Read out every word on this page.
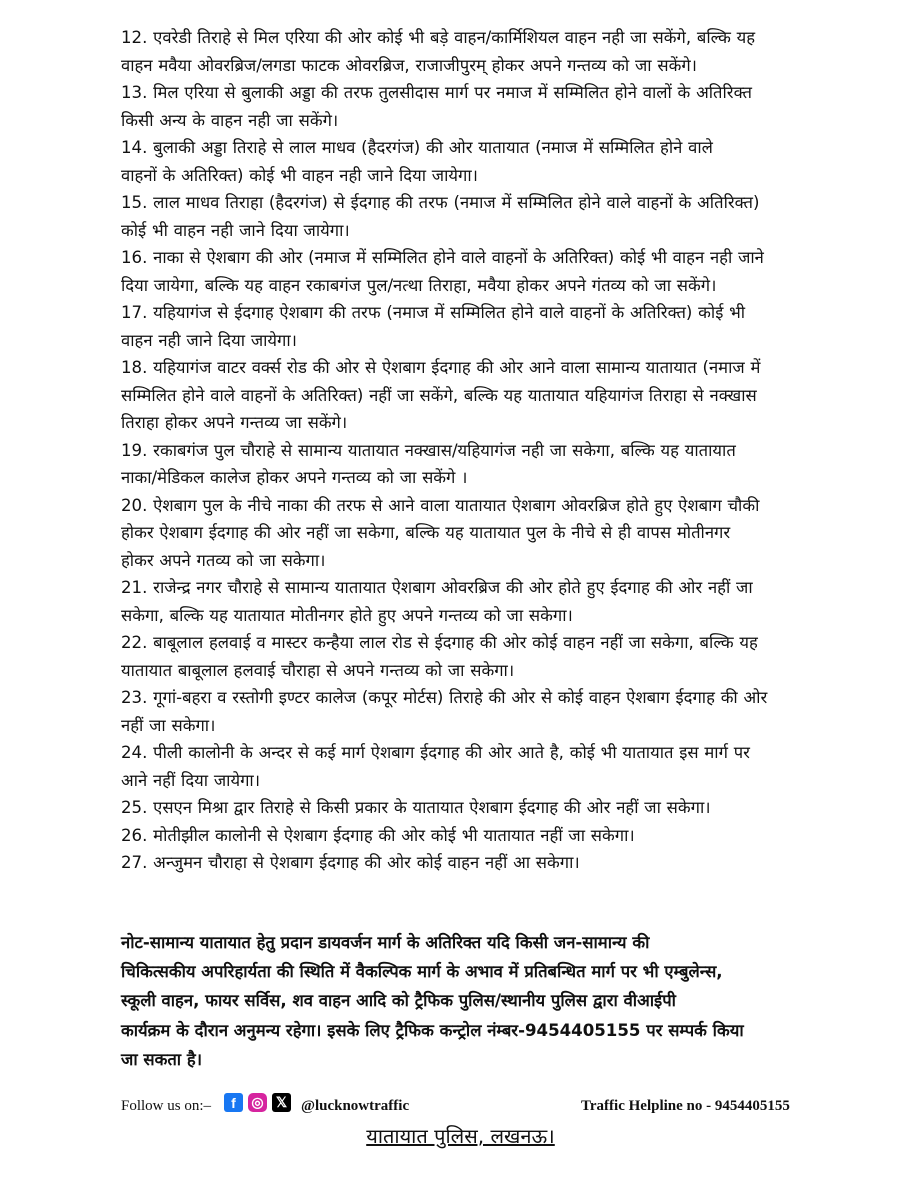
12. एवरेडी तिराहे से मिल एरिया की ओर कोई भी बड़े वाहन/कार्मिशियल वाहन नही जा सकेंगे, बल्कि यह
वाहन मवैया ओवरब्रिज/लगडा फाटक ओवरब्रिज, राजाजीपुरम् होकर अपने गन्तव्य को जा सकेंगे।
13. मिल एरिया से बुलाकी अड्डा की तरफ तुलसीदास मार्ग पर नमाज में सम्मिलित होने वालों के अतिरिक्त
किसी अन्य के वाहन नही जा सकेंगे।
14. बुलाकी अड्डा तिराहे से लाल माधव (हैदरगंज) की ओर यातायात (नमाज में सम्मिलित होने वाले
वाहनों के अतिरिक्त) कोई भी वाहन नही जाने दिया जायेगा।
15. लाल माधव तिराहा (हैदरगंज) से ईदगाह की तरफ (नमाज में सम्मिलित होने वाले वाहनों के अतिरिक्त)
कोई भी वाहन नही जाने दिया जायेगा।
16. नाका से ऐशबाग की ओर (नमाज में सम्मिलित होने वाले वाहनों के अतिरिक्त) कोई भी वाहन नही जाने
दिया जायेगा, बल्कि यह वाहन रकाबगंज पुल/नत्था तिराहा, मवैया होकर अपने गंतव्य को जा सकेंगे।
17. यहियागंज से ईदगाह ऐशबाग की तरफ (नमाज में सम्मिलित होने वाले वाहनों के अतिरिक्त) कोई भी
वाहन नही जाने दिया जायेगा।
18. यहियागंज वाटर वर्क्स रोड की ओर से ऐशबाग ईदगाह की ओर आने वाला सामान्य यातायात (नमाज में
सम्मिलित होने वाले वाहनों के अतिरिक्त) नहीं जा सकेंगे, बल्कि यह यातायात यहियागंज तिराहा से नक्खास
तिराहा होकर अपने गन्तव्य जा सकेंगे।
19. रकाबगंज पुल चौराहे से सामान्य यातायात नक्खास/यहियागंज नही जा सकेगा, बल्कि यह यातायात
नाका/मेडिकल कालेज होकर अपने गन्तव्य को जा सकेंगे ।
20. ऐशबाग पुल के नीचे नाका की तरफ से आने वाला यातायात ऐशबाग ओवरब्रिज होते हुए ऐशबाग चौकी
होकर ऐशबाग ईदगाह की ओर नहीं जा सकेगा, बल्कि यह यातायात पुल के नीचे से ही वापस मोतीनगर
होकर अपने गतव्य को जा सकेगा।
21. राजेन्द्र नगर चौराहे से सामान्य यातायात ऐशबाग ओवरब्रिज की ओर होते हुए ईदगाह की ओर नहीं जा
सकेगा, बल्कि यह यातायात मोतीनगर होते हुए अपने गन्तव्य को जा सकेगा।
22. बाबूलाल हलवाई व मास्टर कन्हैया लाल रोड से ईदगाह की ओर कोई वाहन नहीं जा सकेगा, बल्कि यह
यातायात बाबूलाल हलवाई चौराहा से अपने गन्तव्य को जा सकेगा।
23. गूगां-बहरा व रस्तोगी इण्टर कालेज (कपूर मोर्टस) तिराहे की ओर से कोई वाहन ऐशबाग ईदगाह की ओर
नहीं जा सकेगा।
24. पीली कालोनी के अन्दर से कई मार्ग ऐशबाग ईदगाह की ओर आते है, कोई भी यातायात इस मार्ग पर
आने नहीं दिया जायेगा।
25. एसएन मिश्रा द्वार तिराहे से किसी प्रकार के यातायात ऐशबाग ईदगाह की ओर नहीं जा सकेगा।
26. मोतीझील कालोनी से ऐशबाग ईदगाह की ओर कोई भी यातायात नहीं जा सकेगा।
27. अन्जुमन चौराहा से ऐशबाग ईदगाह की ओर कोई वाहन नहीं आ सकेगा।
नोट-सामान्य यातायात हेतु प्रदान डायवर्जन मार्ग के अतिरिक्त यदि किसी जन-सामान्य की
चिकित्सकीय अपरिहार्यता की स्थिति में वैकल्पिक मार्ग के अभाव में प्रतिबन्धित मार्ग पर भी एम्बुलेन्स,
स्कूली वाहन, फायर सर्विस, शव वाहन आदि को ट्रैफिक पुलिस/स्थानीय पुलिस द्वारा वीआईपी
कार्यक्रम के दौरान अनुमन्य रहेगा। इसके लिए ट्रैफिक कन्ट्रोल नंम्बर-9454405155 पर सम्पर्क किया
जा सकता है।
Follow us on:–	f	◎ 𝕏 @lucknowtraffic	Traffic Helpline no - 9454405155
यातायात पुलिस, लखनऊ।
